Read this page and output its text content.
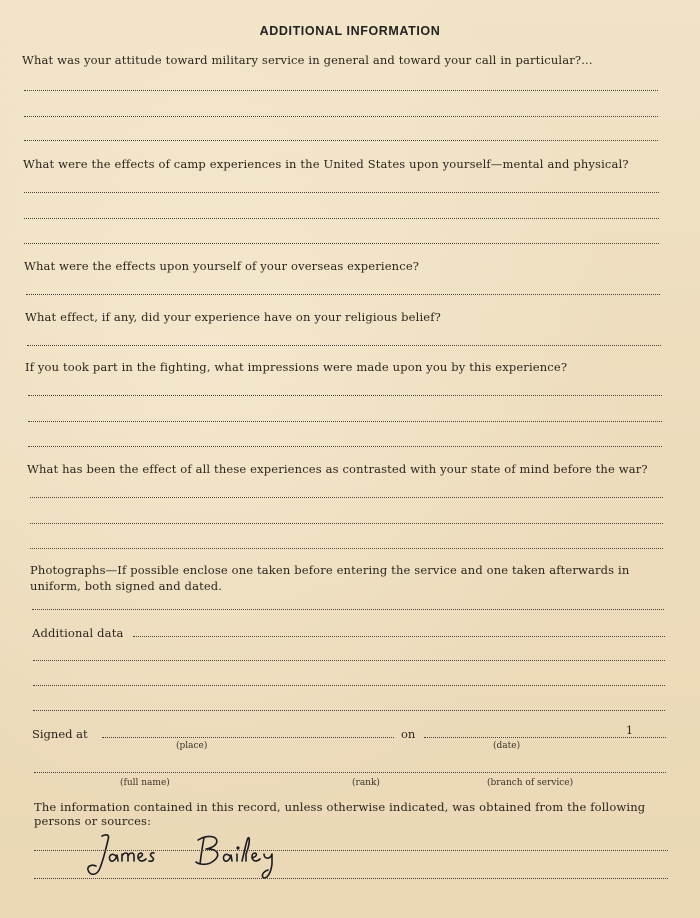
ADDITIONAL INFORMATION
What was your attitude toward military service in general and toward your call in particular?...
What were the effects of camp experiences in the United States upon yourself—mental and physical?
What were the effects upon yourself of your overseas experience?
What effect, if any, did your experience have on your religious belief?
If you took part in the fighting, what impressions were made upon you by this experience?
What has been the effect of all these experiences as contrasted with your state of mind before the war?
Photographs—If possible enclose one taken before entering the service and one taken afterwards in uniform, both signed and dated.
Additional data
Signed at	on	1
(place)	(date)
(full name)	(rank)	(branch of service)
The information contained in this record, unless otherwise indicated, was obtained from the following persons or sources:
